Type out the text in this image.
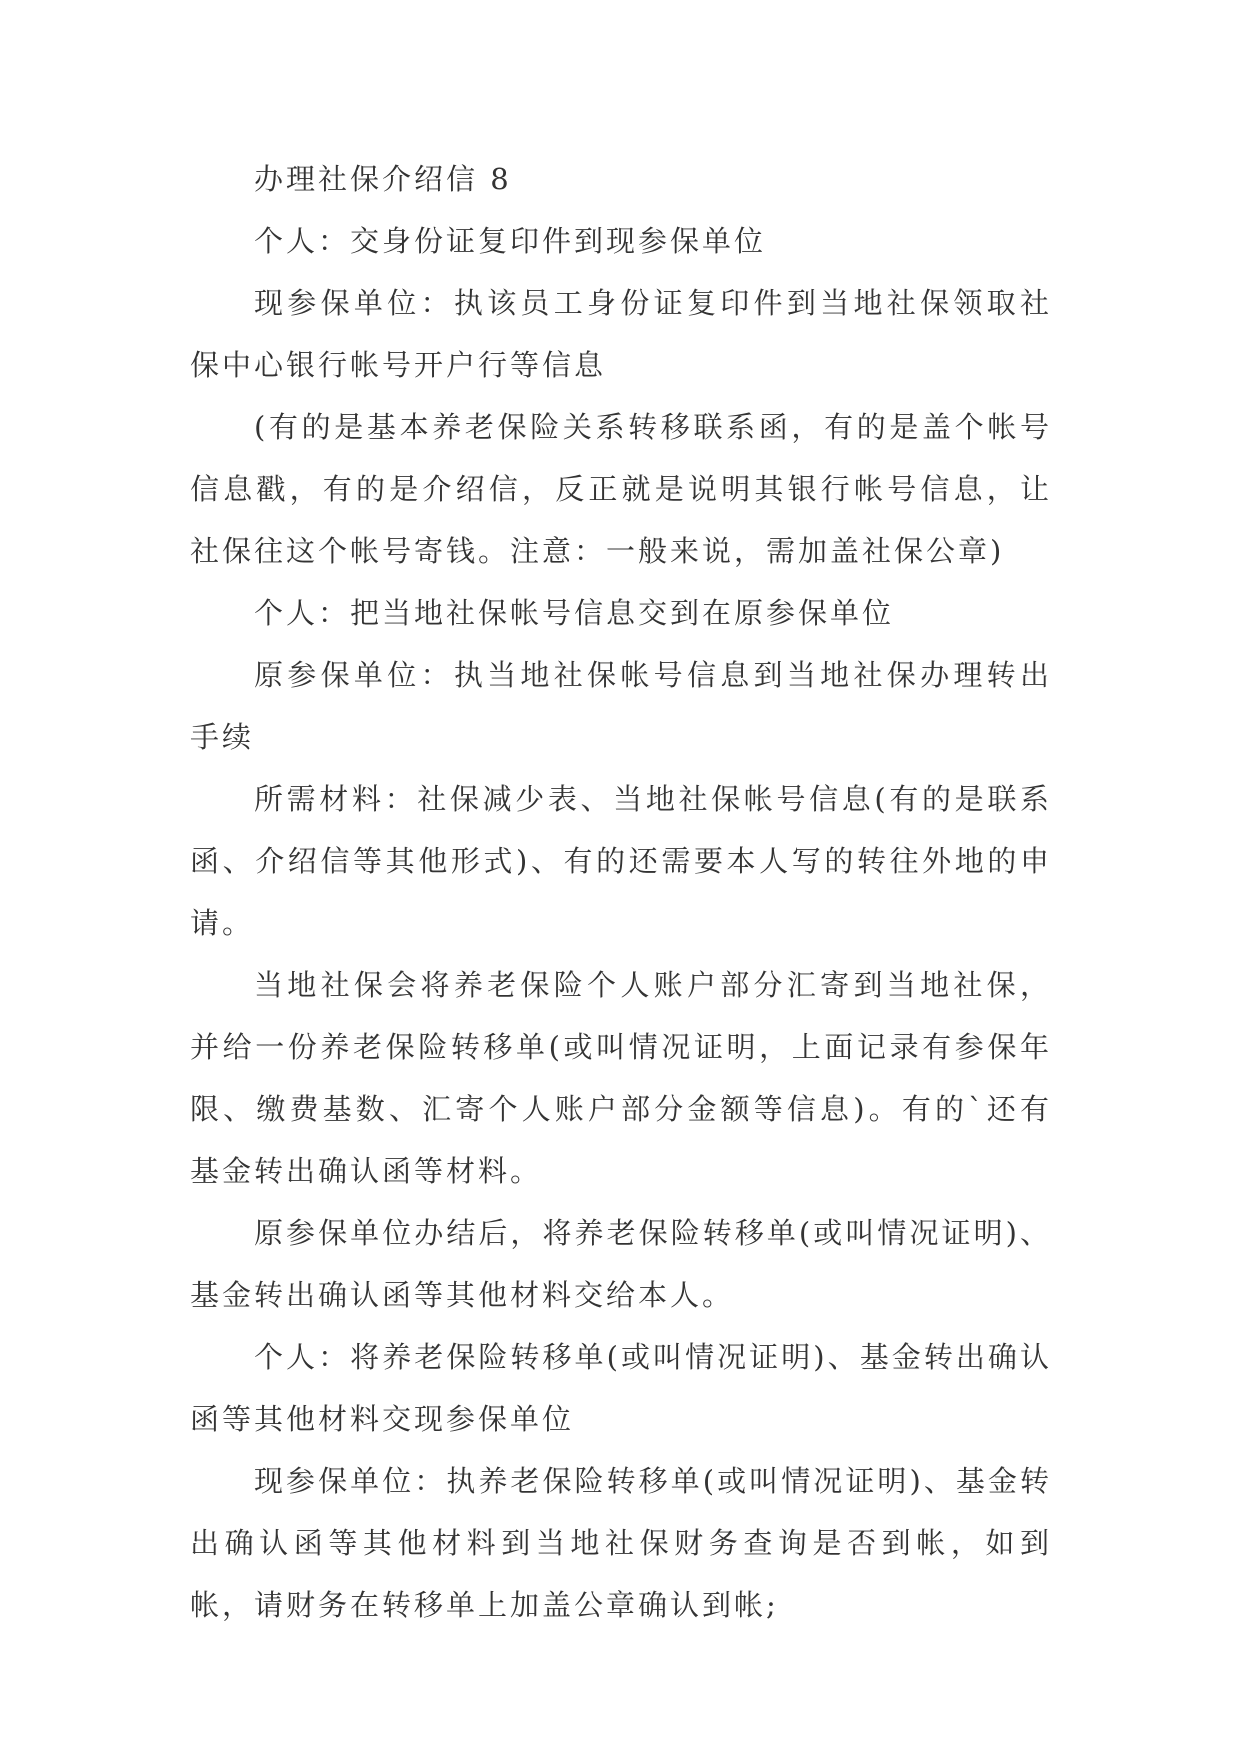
办理社保介绍信 8

个人：交身份证复印件到现参保单位

现参保单位：执该员工身份证复印件到当地社保领取社保中心银行帐号开户行等信息

(有的是基本养老保险关系转移联系函，有的是盖个帐号信息戳，有的是介绍信，反正就是说明其银行帐号信息，让社保往这个帐号寄钱。注意：一般来说，需加盖社保公章)

个人：把当地社保帐号信息交到在原参保单位

原参保单位：执当地社保帐号信息到当地社保办理转出手续

所需材料：社保减少表、当地社保帐号信息(有的是联系函、介绍信等其他形式)、有的还需要本人写的转往外地的申请。

当地社保会将养老保险个人账户部分汇寄到当地社保，并给一份养老保险转移单(或叫情况证明，上面记录有参保年限、缴费基数、汇寄个人账户部分金额等信息)。有的`还有基金转出确认函等材料。

原参保单位办结后，将养老保险转移单(或叫情况证明)、基金转出确认函等其他材料交给本人。

个人：将养老保险转移单(或叫情况证明)、基金转出确认函等其他材料交现参保单位

现参保单位：执养老保险转移单(或叫情况证明)、基金转出确认函等其他材料到当地社保财务查询是否到帐，如到帐，请财务在转移单上加盖公章确认到帐;
